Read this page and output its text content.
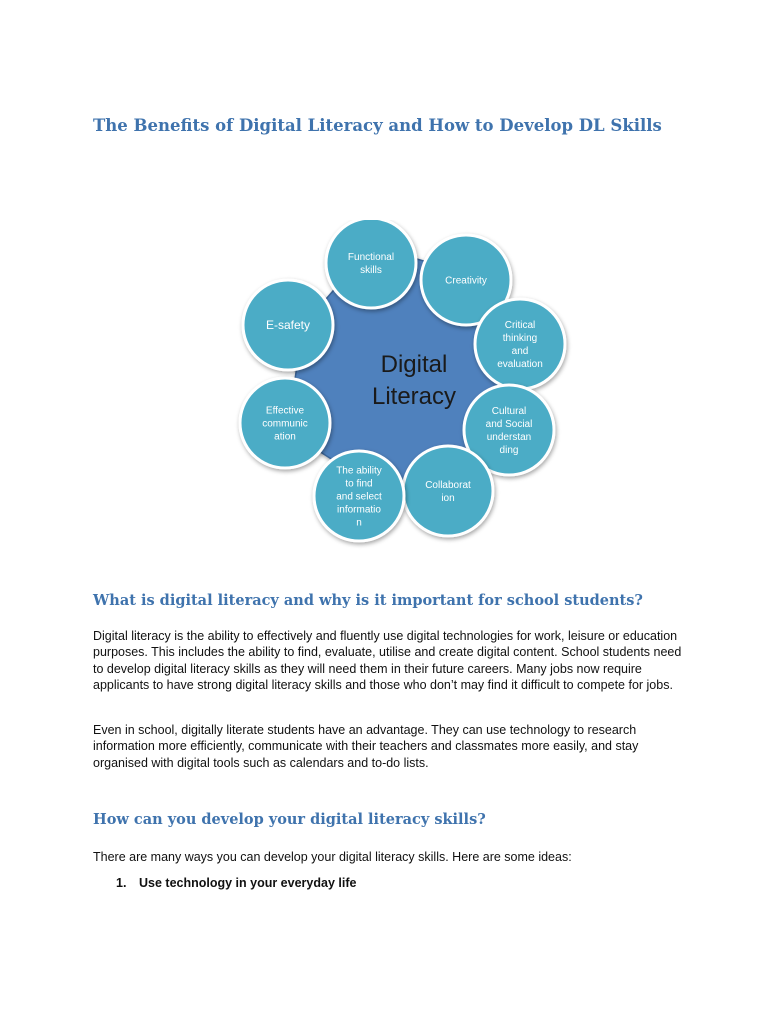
The Benefits of Digital Literacy and How to Develop DL Skills
Digital Literacy
Functional skills
Creativity
Critical thinking and evaluation
Cultural and Social understan ding
Collaborat ion
The ability to find and select informatio n
Effective communic ation
E-safety
What is digital literacy and why is it important for school students?

Digital literacy is the ability to effectively and fluently use digital technologies for work, leisure or education purposes. This includes the ability to find, evaluate, utilise and create digital content. School students need to develop digital literacy skills as they will need them in their future careers. Many jobs now require applicants to have strong digital literacy skills and those who don’t may find it difficult to compete for jobs.

Even in school, digitally literate students have an advantage. They can use technology to research information more efficiently, communicate with their teachers and classmates more easily, and stay organised with digital tools such as calendars and to-do lists.

How can you develop your digital literacy skills?

There are many ways you can develop your digital literacy skills. Here are some ideas:

1. Use technology in your everyday life
